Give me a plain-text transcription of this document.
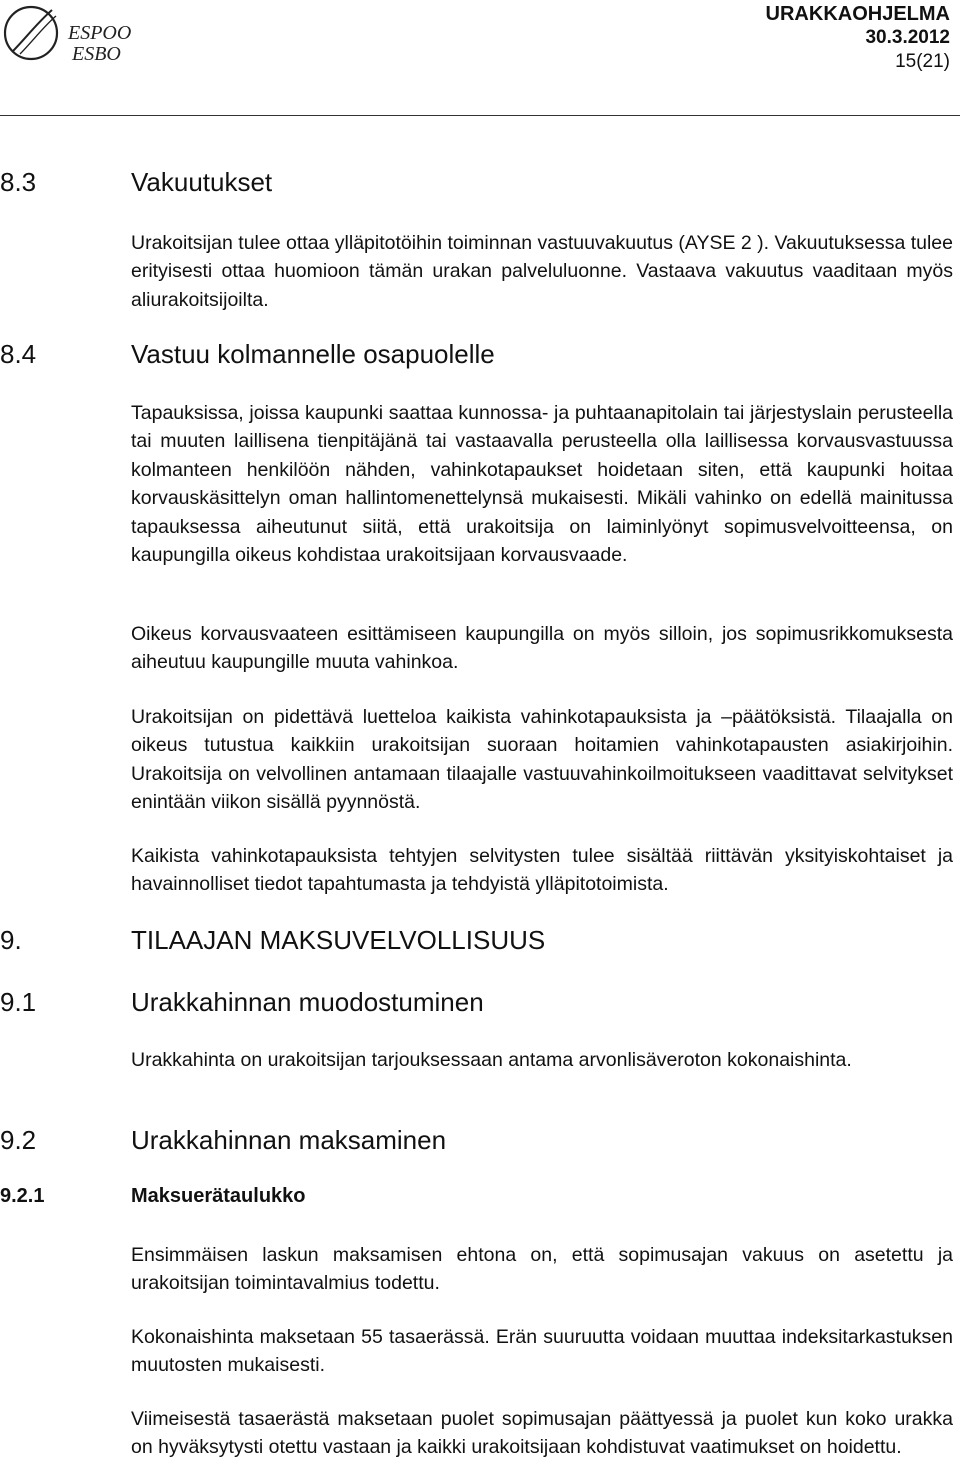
ESPOO
ESBO
URAKKAOHJELMA
30.3.2012
15(21)
8.3	Vakuutukset
Urakoitsijan tulee ottaa ylläpitotöihin toiminnan vastuuvakuutus (AYSE 2 ). Vakuutuksessa tulee erityisesti ottaa huomioon tämän urakan palveluluonne. Vastaava vakuutus vaaditaan myös aliurakoitsijoilta.
8.4	Vastuu kolmannelle osapuolelle
Tapauksissa, joissa kaupunki saattaa kunnossa- ja puhtaanapitolain tai järjestyslain perusteella tai muuten laillisena tienpitäjänä tai vastaavalla perusteella olla laillisessa korvausvastuussa kolmanteen henkilöön nähden, vahinkotapaukset hoidetaan siten, että kaupunki hoitaa korvauskäsittelyn oman hallintomenettelynsä mukaisesti. Mikäli vahinko on edellä mainitussa tapauksessa aiheutunut siitä, että urakoitsija on laiminlyönyt sopimusvelvoitteensa, on kaupungilla oikeus kohdistaa urakoitsijaan korvausvaade.
Oikeus korvausvaateen esittämiseen kaupungilla on myös silloin, jos sopimusrikkomuksesta aiheutuu kaupungille muuta vahinkoa.
Urakoitsijan on pidettävä luetteloa kaikista vahinkotapauksista ja –päätöksistä. Tilaajalla on oikeus tutustua kaikkiin urakoitsijan suoraan hoitamien vahinkotapausten asiakirjoihin. Urakoitsija on velvollinen antamaan tilaajalle vastuuvahinkoilmoitukseen vaadittavat selvitykset enintään viikon sisällä pyynnöstä.
Kaikista vahinkotapauksista tehtyjen selvitysten tulee sisältää riittävän yksityiskohtaiset ja havainnolliset tiedot tapahtumasta ja tehdyistä ylläpitotoimista.
9.	TILAAJAN MAKSUVELVOLLISUUS
9.1	Urakkahinnan muodostuminen
Urakkahinta on urakoitsijan tarjouksessaan antama arvonlisäveroton kokonaishinta.
9.2	Urakkahinnan maksaminen
9.2.1	Maksuerätaulukko
Ensimmäisen laskun maksamisen ehtona on, että sopimusajan vakuus on asetettu ja urakoitsijan toimintavalmius todettu.
Kokonaishinta maksetaan 55 tasaerässä. Erän suuruutta voidaan muuttaa indeksitarkastuksen muutosten mukaisesti.
Viimeisestä tasaerästä maksetaan puolet sopimusajan päättyessä ja puolet kun koko urakka on hyväksytysti otettu vastaan ja kaikki urakoitsijaan kohdistuvat vaatimukset on hoidettu.
